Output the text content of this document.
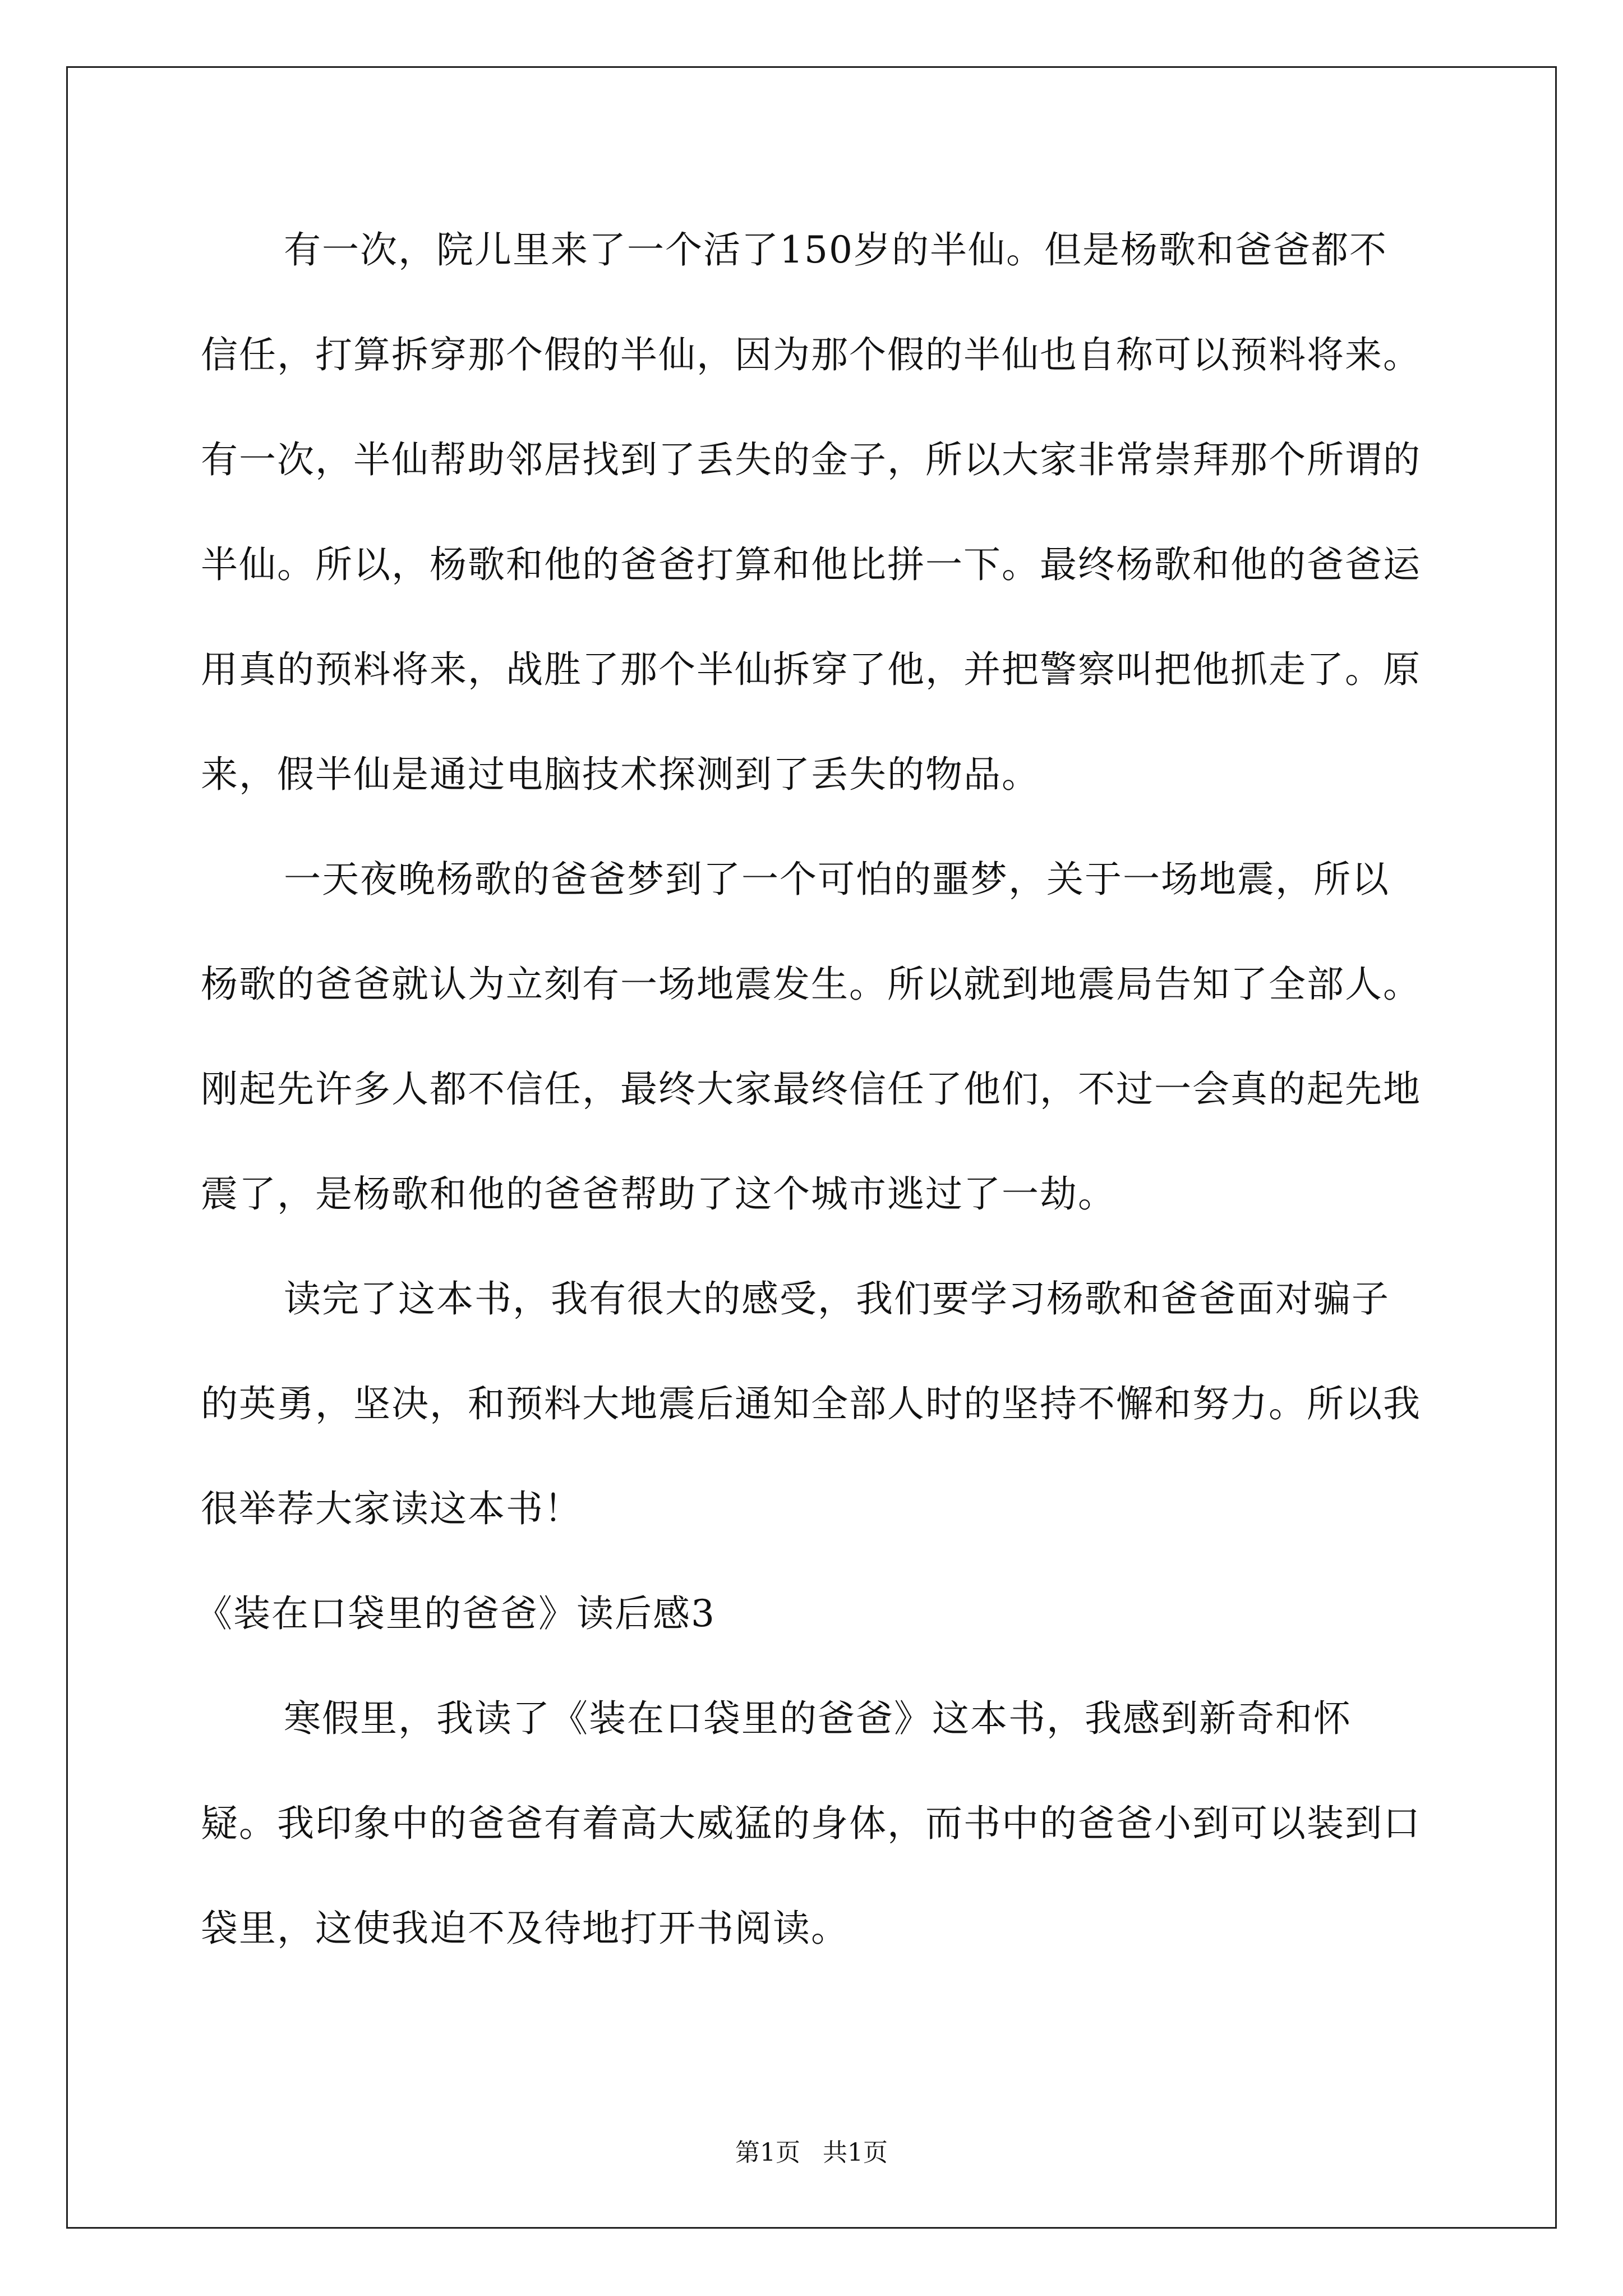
有一次，院儿里来了一个活了150岁的半仙。但是杨歌和爸爸都不信任，打算拆穿那个假的半仙，因为那个假的半仙也自称可以预料将来。有一次，半仙帮助邻居找到了丢失的金子，所以大家非常崇拜那个所谓的半仙。所以，杨歌和他的爸爸打算和他比拼一下。最终杨歌和他的爸爸运用真的预料将来，战胜了那个半仙拆穿了他，并把警察叫把他抓走了。原来，假半仙是通过电脑技术探测到了丢失的物品。

一天夜晚杨歌的爸爸梦到了一个可怕的噩梦，关于一场地震，所以杨歌的爸爸就认为立刻有一场地震发生。所以就到地震局告知了全部人。刚起先许多人都不信任，最终大家最终信任了他们，不过一会真的起先地震了，是杨歌和他的爸爸帮助了这个城市逃过了一劫。

读完了这本书，我有很大的感受，我们要学习杨歌和爸爸面对骗子的英勇，坚决，和预料大地震后通知全部人时的坚持不懈和努力。所以我很举荐大家读这本书！

《装在口袋里的爸爸》读后感3

寒假里，我读了《装在口袋里的爸爸》这本书，我感到新奇和怀疑。我印象中的爸爸有着高大威猛的身体，而书中的爸爸小到可以装到口袋里，这使我迫不及待地打开书阅读。

第1页 共1页
